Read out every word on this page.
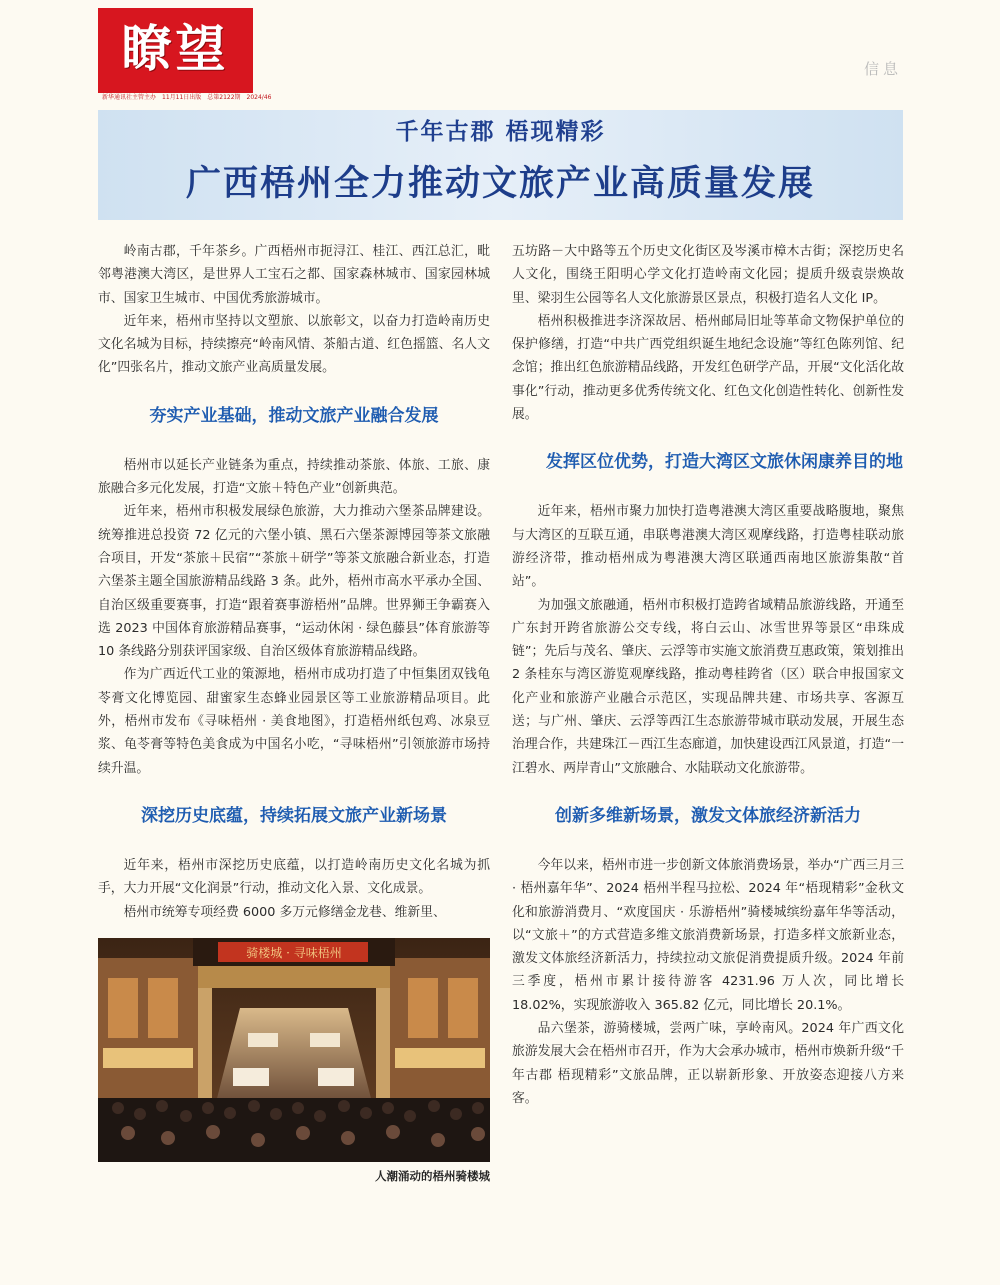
瞭望
新华通讯社主管主办　11月11日出版　总第2122期　2024/46
信息
千年古郡 梧现精彩
广西梧州全力推动文旅产业高质量发展

岭南古郡，千年茶乡。广西梧州市扼浔江、桂江、西江总汇，毗邻粤港澳大湾区，是世界人工宝石之都、国家森林城市、国家园林城市、国家卫生城市、中国优秀旅游城市。

近年来，梧州市坚持以文塑旅、以旅彰文，以奋力打造岭南历史文化名城为目标，持续擦亮“岭南风情、茶船古道、红色摇篮、名人文化”四张名片，推动文旅产业高质量发展。

夯实产业基础，推动文旅产业融合发展

梧州市以延长产业链条为重点，持续推动茶旅、体旅、工旅、康旅融合多元化发展，打造“文旅＋特色产业”创新典范。

近年来，梧州市积极发展绿色旅游，大力推动六堡茶品牌建设。统筹推进总投资 72 亿元的六堡小镇、黑石六堡茶源博园等茶文旅融合项目，开发“茶旅＋民宿”“茶旅＋研学”等茶文旅融合新业态，打造六堡茶主题全国旅游精品线路 3 条。此外，梧州市高水平承办全国、自治区级重要赛事，打造“跟着赛事游梧州”品牌。世界狮王争霸赛入选 2023 中国体育旅游精品赛事，“运动休闲 · 绿色藤县”体育旅游等 10 条线路分别获评国家级、自治区级体育旅游精品线路。

作为广西近代工业的策源地，梧州市成功打造了中恒集团双钱龟苓膏文化博览园、甜蜜家生态蜂业园景区等工业旅游精品项目。此外，梧州市发布《寻味梧州 · 美食地图》，打造梧州纸包鸡、冰泉豆浆、龟苓膏等特色美食成为中国名小吃，“寻味梧州”引领旅游市场持续升温。

深挖历史底蕴，持续拓展文旅产业新场景

近年来，梧州市深挖历史底蕴，以打造岭南历史文化名城为抓手，大力开展“文化润景”行动，推动文化入景、文化成景。

梧州市统筹专项经费 6000 多万元修缮金龙巷、维新里、

骑楼城 · 寻味梧州
人潮涌动的梧州骑楼城

五坊路－大中路等五个历史文化街区及岑溪市樟木古街；深挖历史名人文化，围绕王阳明心学文化打造岭南文化园；提质升级袁崇焕故里、梁羽生公园等名人文化旅游景区景点，积极打造名人文化 IP。

梧州积极推进李济深故居、梧州邮局旧址等革命文物保护单位的保护修缮，打造“中共广西党组织诞生地纪念设施”等红色陈列馆、纪念馆；推出红色旅游精品线路，开发红色研学产品，开展“文化活化故事化”行动，推动更多优秀传统文化、红色文化创造性转化、创新性发展。

发挥区位优势，打造大湾区文旅休闲康养目的地

近年来，梧州市聚力加快打造粤港澳大湾区重要战略腹地，聚焦与大湾区的互联互通，串联粤港澳大湾区观摩线路，打造粤桂联动旅游经济带，推动梧州成为粤港澳大湾区联通西南地区旅游集散“首站”。

为加强文旅融通，梧州市积极打造跨省域精品旅游线路，开通至广东封开跨省旅游公交专线，将白云山、冰雪世界等景区“串珠成链”；先后与茂名、肇庆、云浮等市实施文旅消费互惠政策，策划推出 2 条桂东与湾区游览观摩线路，推动粤桂跨省（区）联合申报国家文化产业和旅游产业融合示范区，实现品牌共建、市场共享、客源互送；与广州、肇庆、云浮等西江生态旅游带城市联动发展，开展生态治理合作，共建珠江－西江生态廊道，加快建设西江风景道，打造“一江碧水、两岸青山”文旅融合、水陆联动文化旅游带。

创新多维新场景，激发文体旅经济新活力

今年以来，梧州市进一步创新文体旅消费场景，举办“广西三月三 · 梧州嘉年华”、2024 梧州半程马拉松、2024 年“梧现精彩”金秋文化和旅游消费月、“欢度国庆 · 乐游梧州”骑楼城缤纷嘉年华等活动，以“文旅＋”的方式营造多维文旅消费新场景，打造多样文旅新业态，激发文体旅经济新活力，持续拉动文旅促消费提质升级。2024 年前三季度，梧州市累计接待游客 4231.96 万人次，同比增长 18.02%，实现旅游收入 365.82 亿元，同比增长 20.1%。

品六堡茶，游骑楼城，尝两广味，享岭南风。2024 年广西文化旅游发展大会在梧州市召开，作为大会承办城市，梧州市焕新升级“千年古郡 梧现精彩”文旅品牌，正以崭新形象、开放姿态迎接八方来客。
